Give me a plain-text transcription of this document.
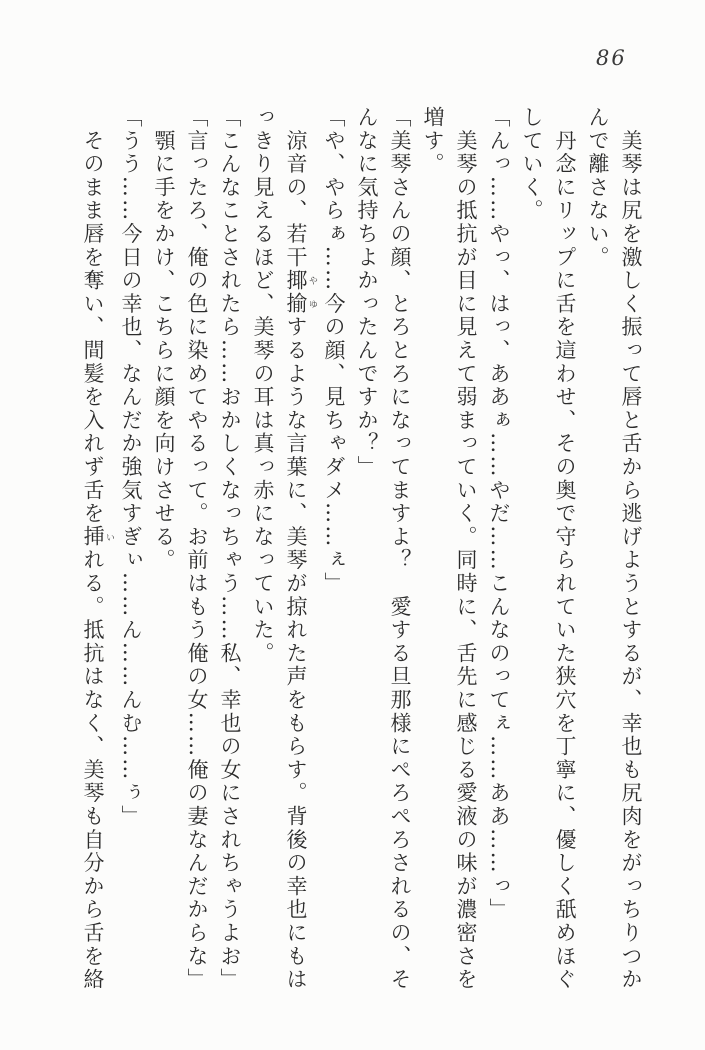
86

　美琴は尻を激しく振って唇と舌から逃げようとするが、幸也も尻肉をがっちりつか

んで離さない。

　丹念にリップに舌を這わせ、その奥で守られていた狭穴を丁寧に、優しく舐めほぐ

していく。

「んっ……やっ、はっ、ああぁ……やだ……こんなのってぇ……ああ……っ」

　美琴の抵抗が目に見えて弱まっていく。同時に、舌先に感じる愛液の味が濃密さを

増す。

「美琴さんの顔、とろとろになってますよ？　愛する旦那様にぺろぺろされるの、そ

んなに気持ちよかったんですか？」

「や、やらぁ……今の顔、見ちゃダメ……ぇ」

　涼音の、若干揶 や揄 ゆするような言葉に、美琴が掠れた声をもらす。背後の幸也にもは

っきり見えるほど、美琴の耳は真っ赤になっていた。

「こんなことされたら……おかしくなっちゃう……私、幸也の女にされちゃうよお」

「言ったろ、俺の色に染めてやるって。お前はもう俺の女……俺の妻なんだからな」

　顎に手をかけ、こちらに顔を向けさせる。

「うう……今日の幸也、なんだか強気すぎぃ……ん……んむ……ぅ」

　そのまま唇を奪い、間髪を入れず舌を挿 いれる。抵抗はなく、美琴も自分から舌を絡
